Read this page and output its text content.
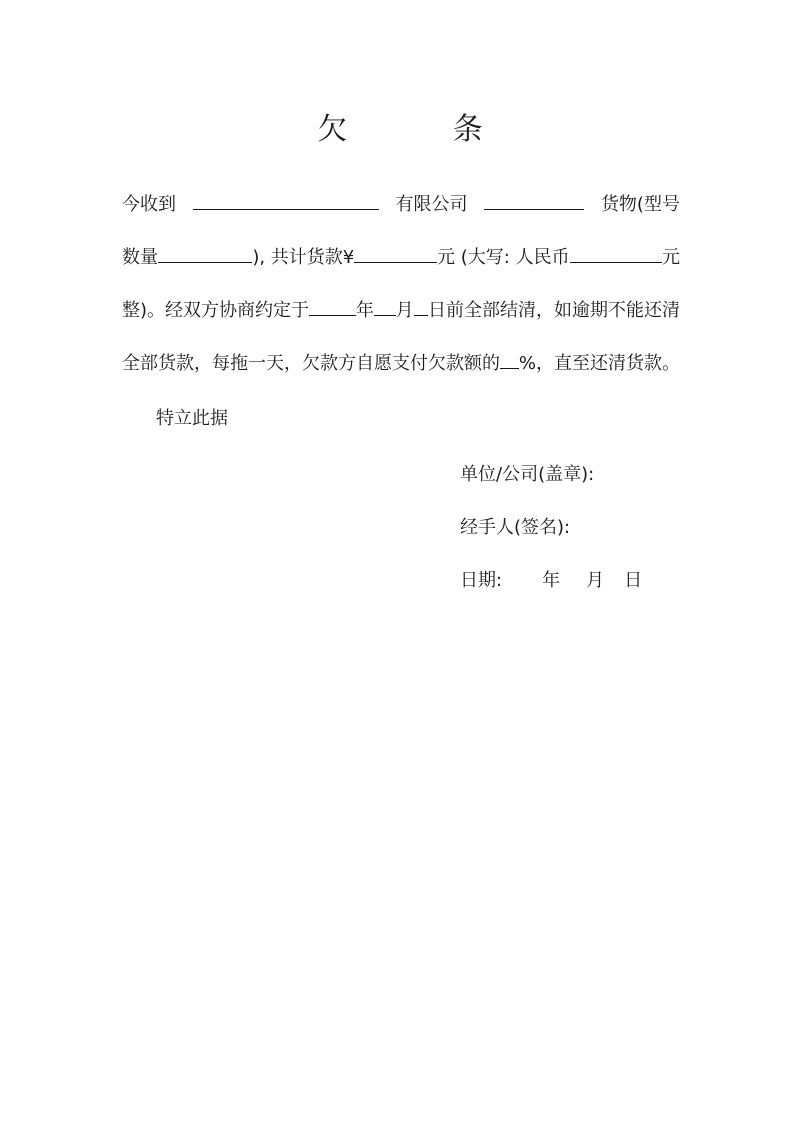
欠 条
今收到	有限公司	货物(型号
数量	), 共计货款¥	元 (大写: 人民币	元
整)。经双方协商约定于	年 月 日前全部结清，如逾期不能还清
全部货款，每拖一天，欠款方自愿支付欠款额的 %，直至还清货款。
特立此据
单位/公司(盖章):
经手人(签名):
日期: 年 月 日
